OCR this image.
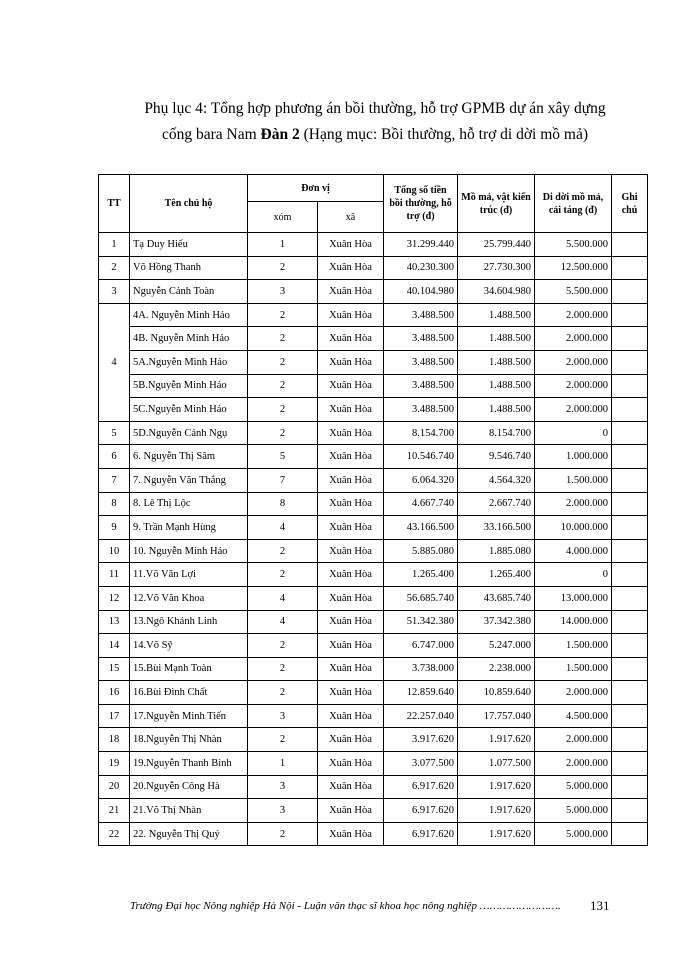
Phụ lục 4: Tổng hợp phương án bồi thường, hỗ trợ GPMB dự án xây dựng cống bara Nam Đàn 2 (Hạng mục: Bồi thường, hỗ trợ di dời mồ mả)
TT	Tên chủ hộ	Đơn vị		Tổng số tiền bồi thường, hỗ trợ (đ)	Mồ mả, vật kiến trúc (đ)	Di dời mồ mả, cải táng (đ)	Ghi chú
		xóm	xã				
1	Tạ Duy Hiếu	1	Xuân Hòa	31.299.440	25.799.440	5.500.000	
2	Võ Hồng Thanh	2	Xuân Hòa	40.230.300	27.730.300	12.500.000	
3	Nguyễn Cảnh Toàn	3	Xuân Hòa	40.104.980	34.604.980	5.500.000	
4	4A. Nguyễn Minh Hảo	2	Xuân Hòa	3.488.500	1.488.500	2.000.000	
	4B. Nguyễn Minh Hảo	2	Xuân Hòa	3.488.500	1.488.500	2.000.000	
	5A.Nguyễn Minh Hảo	2	Xuân Hòa	3.488.500	1.488.500	2.000.000	
	5B.Nguyễn Minh Hảo	2	Xuân Hòa	3.488.500	1.488.500	2.000.000	
	5C.Nguyễn Minh Hảo	2	Xuân Hòa	3.488.500	1.488.500	2.000.000	
5	5D.Nguyễn Cảnh Ngụ	2	Xuân Hòa	8.154.700	8.154.700	0	
6	6. Nguyễn Thị Sâm	5	Xuân Hòa	10.546.740	9.546.740	1.000.000	
7	7. Nguyễn Văn Thắng	7	Xuân Hòa	6.064.320	4.564.320	1.500.000	
8	8. Lê Thị Lộc	8	Xuân Hòa	4.667.740	2.667.740	2.000.000	
9	9. Trần Mạnh Hùng	4	Xuân Hòa	43.166.500	33.166.500	10.000.000	
10	10. Nguyễn Minh Hảo	2	Xuân Hòa	5.885.080	1.885.080	4.000.000	
11	11.Võ Văn Lợi	2	Xuân Hòa	1.265.400	1.265.400	0	
12	12.Võ Văn Khoa	4	Xuân Hòa	56.685.740	43.685.740	13.000.000	
13	13.Ngô Khánh Linh	4	Xuân Hòa	51.342.380	37.342.380	14.000.000	
14	14.Võ Sỹ	2	Xuân Hòa	6.747.000	5.247.000	1.500.000	
15	15.Bùi Mạnh Toàn	2	Xuân Hòa	3.738.000	2.238.000	1.500.000	
16	16.Bùi Đình Chất	2	Xuân Hòa	12.859.640	10.859.640	2.000.000	
17	17.Nguyễn Minh Tiến	3	Xuân Hòa	22.257.040	17.757.040	4.500.000	
18	18.Nguyễn Thị Nhàn	2	Xuân Hòa	3.917.620	1.917.620	2.000.000	
19	19.Nguyễn Thanh Bình	1	Xuân Hòa	3.077.500	1.077.500	2.000.000	
20	20.Nguyễn Công Hà	3	Xuân Hòa	6.917.620	1.917.620	5.000.000	
21	21.Võ Thị Nhàn	3	Xuân Hòa	6.917.620	1.917.620	5.000.000	
22	22. Nguyễn Thị Quý	2	Xuân Hòa	6.917.620	1.917.620	5.000.000	
Trường Đại học Nông nghiệp Hà Nội - Luận văn thạc sĩ khoa học nông nghiệp …………………….	131
